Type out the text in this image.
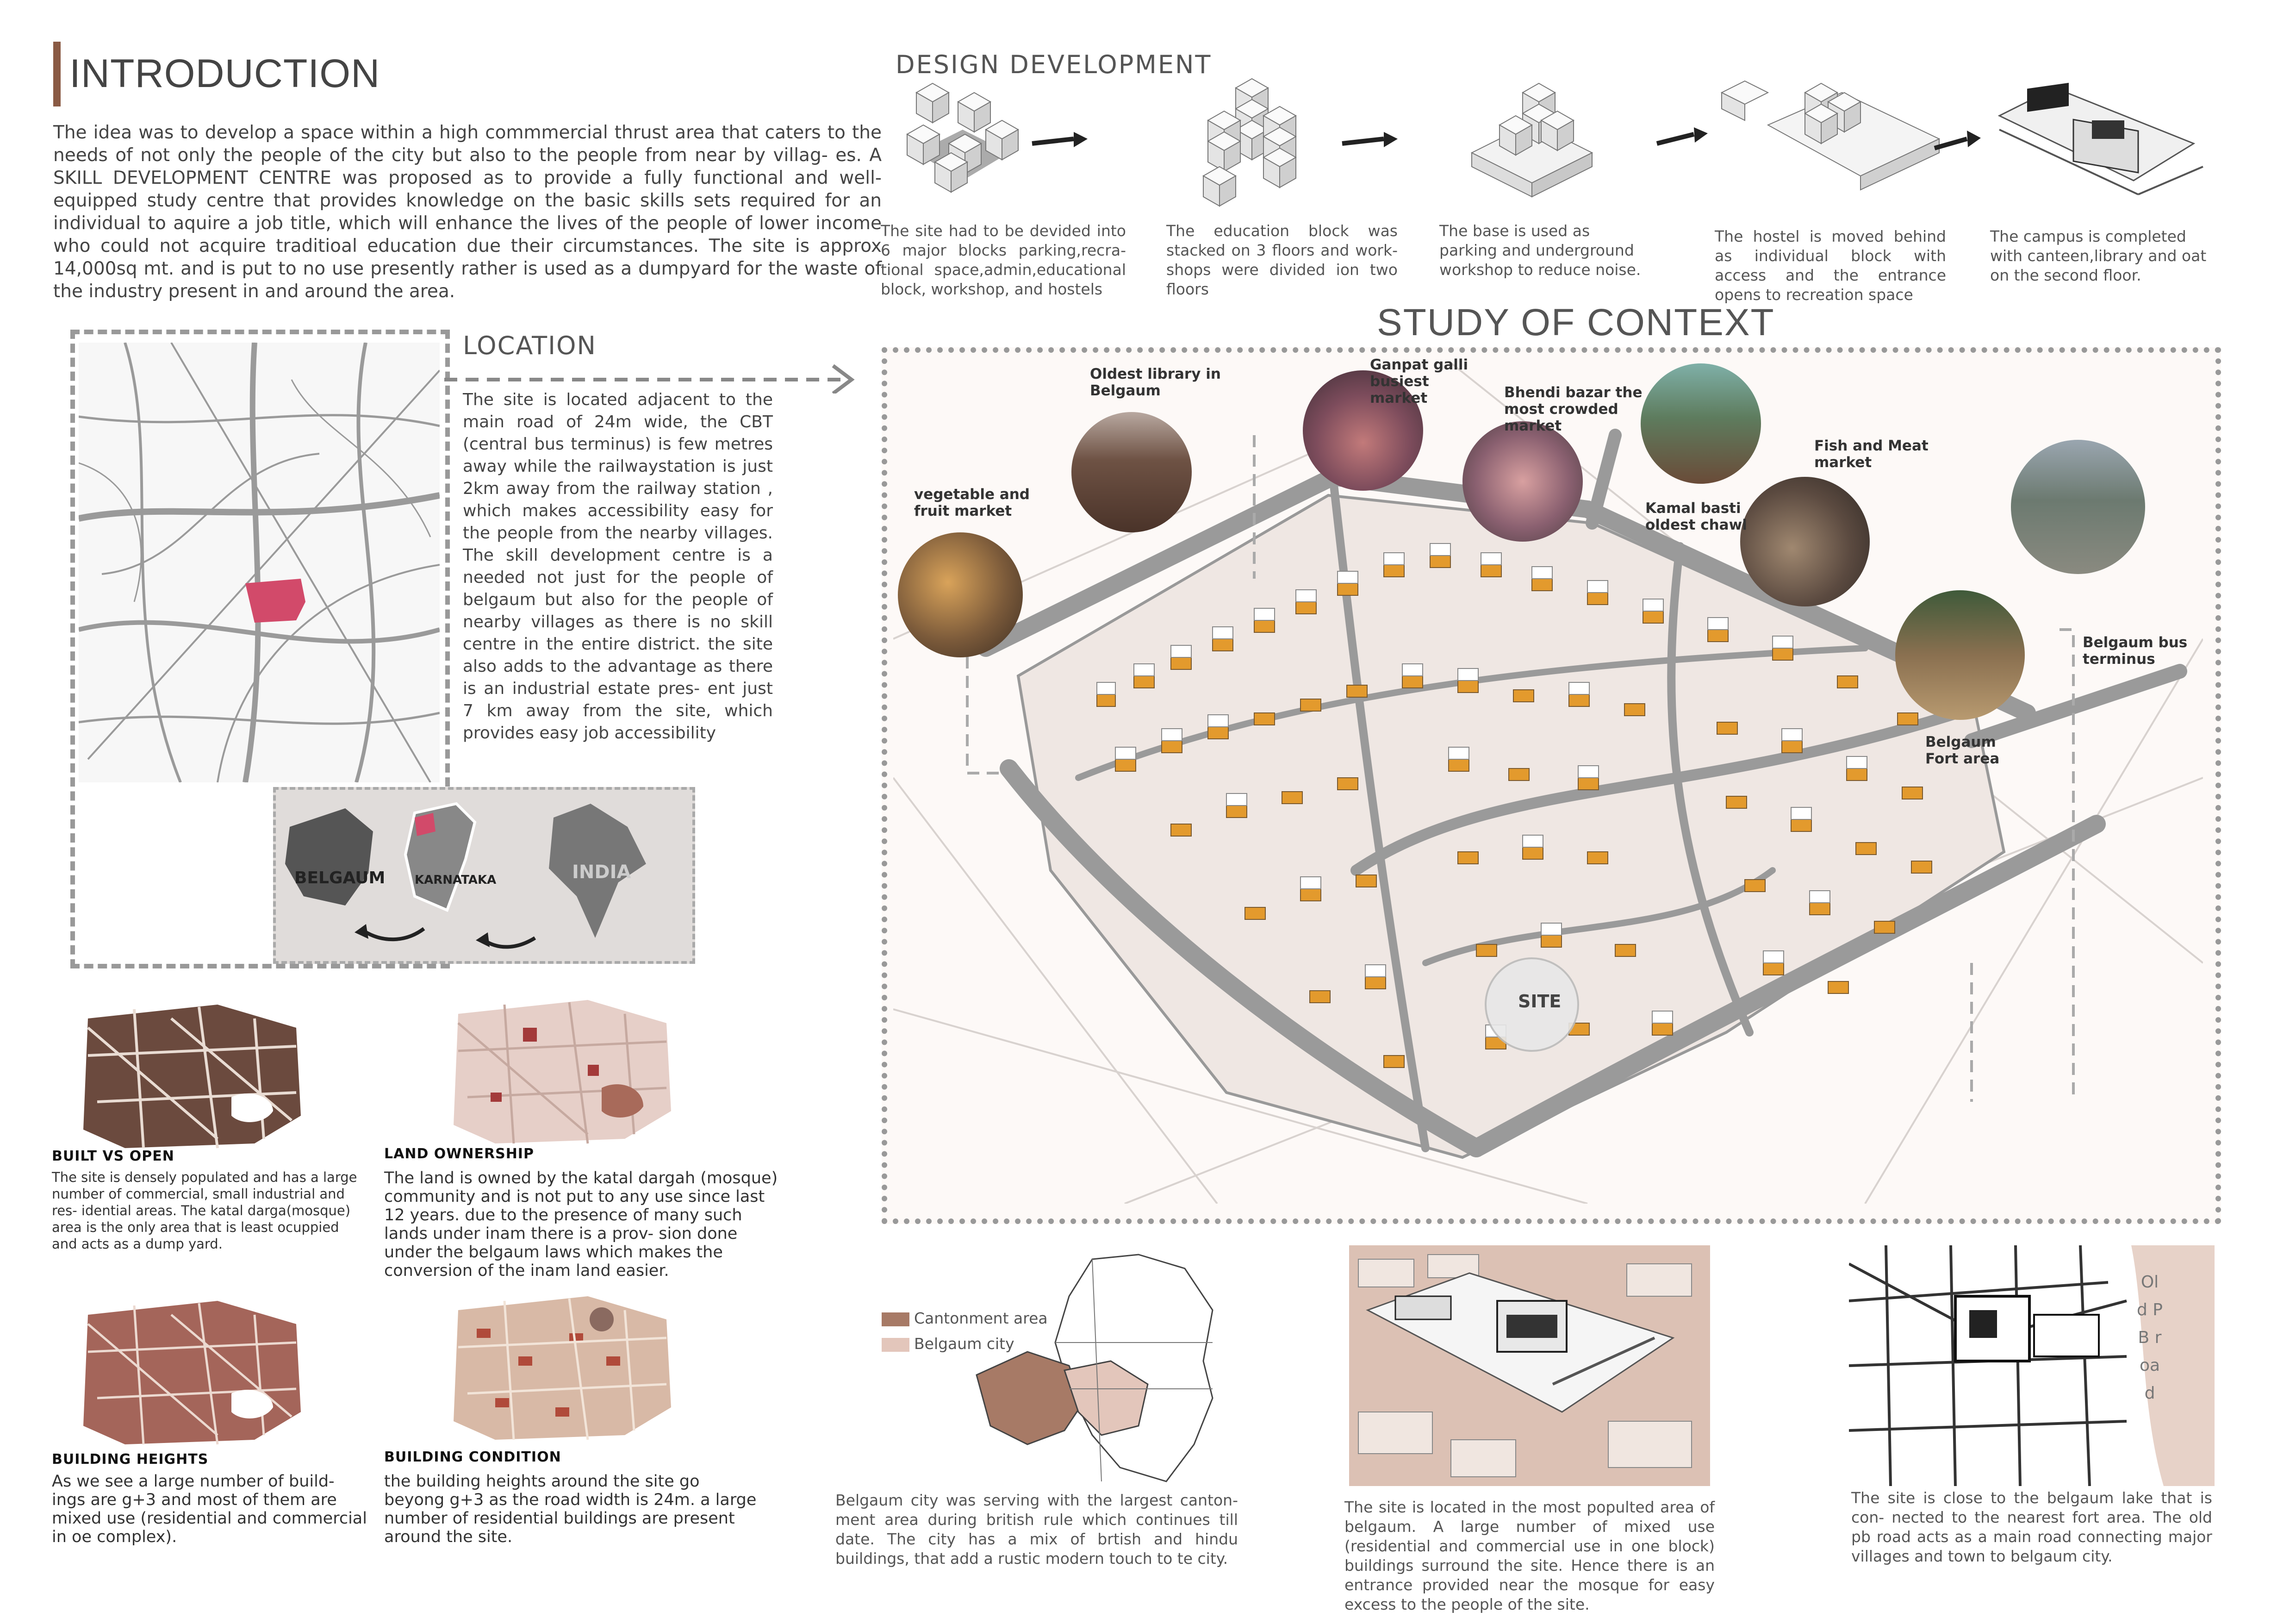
INTRODUCTION
The idea was to develop a space within a high commmercial thrust area that caters to the needs of not only the people of the city but also to the people from near by villag- es. A SKILL DEVELOPMENT CENTRE was proposed as to provide a fully functional and well- equipped study centre that provides knowledge on the basic skills sets required for an individual to aquire a job title, which will enhance the lives of the people of lower income who could not acquire traditioal education due their circumstances. The site is approx 14,000sq mt. and is put to no use presently rather is used as a dumpyard for the waste of the industry present in and around the area.
DESIGN DEVELOPMENT
The site had to be devided into 6 major blocks parking,recra- tional space,admin,educational block, workshop, and hostels
The education block was stacked on 3 floors and work- shops were divided ion two floors
The base is used as parking and underground workshop to reduce noise.
The hostel is moved behind as individual block with access and the entrance opens to recreation space
The campus is completed with canteen,library and oat on the second floor.
LOCATION
The site is located adjacent to the main road of 24m wide, the CBT (central bus terminus) is few metres away while the railwaystation is just 2km away from the railway station , which makes accessibility easy for the people from the nearby villages. The skill development centre is a needed not just for the people of belgaum but also for the people of nearby villages as there is no skill centre in the entire district. the site also adds to the advantage as there is an industrial estate pres- ent just 7 km away from the site, which provides easy job accessibility
BELGAUM KARNATAKA	INDIA
STUDY OF CONTEXT
vegetable and fruit market
Oldest library in Belgaum
Ganpat galli busiest market	Bhendi bazar the most crowded market
Kamal basti oldest chawl
Fish and Meat market
Belgaum bus terminus
Belgaum Fort area
SITE
BUILT VS OPEN
The site is densely populated and has a large number of commercial, small industrial and res- idential areas. The katal darga(mosque) area is the only area that is least ocuppied and acts as a dump yard.
LAND OWNERSHIP
The land is owned by the katal dargah (mosque) community and is not put to any use since last 12 years. due to the presence of many such lands under inam there is a prov- sion done under the belgaum laws which makes the conversion of the inam land easier.
BUILDING HEIGHTS
As we see a large number of build- ings are g+3 and most of them are mixed use (residential and commercial in oe complex).
BUILDING CONDITION
the building heights around the site go beyong g+3 as the road width is 24m. a large number of residential buildings are present around the site.
Cantonment area
Belgaum city
Belgaum city was serving with the largest canton- ment area during british rule which continues till date. The city has a mix of brtish and hindu buildings, that add a rustic modern touch to te city.
The site is located in the most populted area of belgaum. A large number of mixed use (residential and commercial use in one block) buildings surround the site. Hence there is an entrance provided near the mosque for easy excess to the people of the site.
Old PB road
The site is close to the belgaum lake that is con- nected to the nearest fort area. The old pb road acts as a main road connecting major villages and town to belgaum city.
